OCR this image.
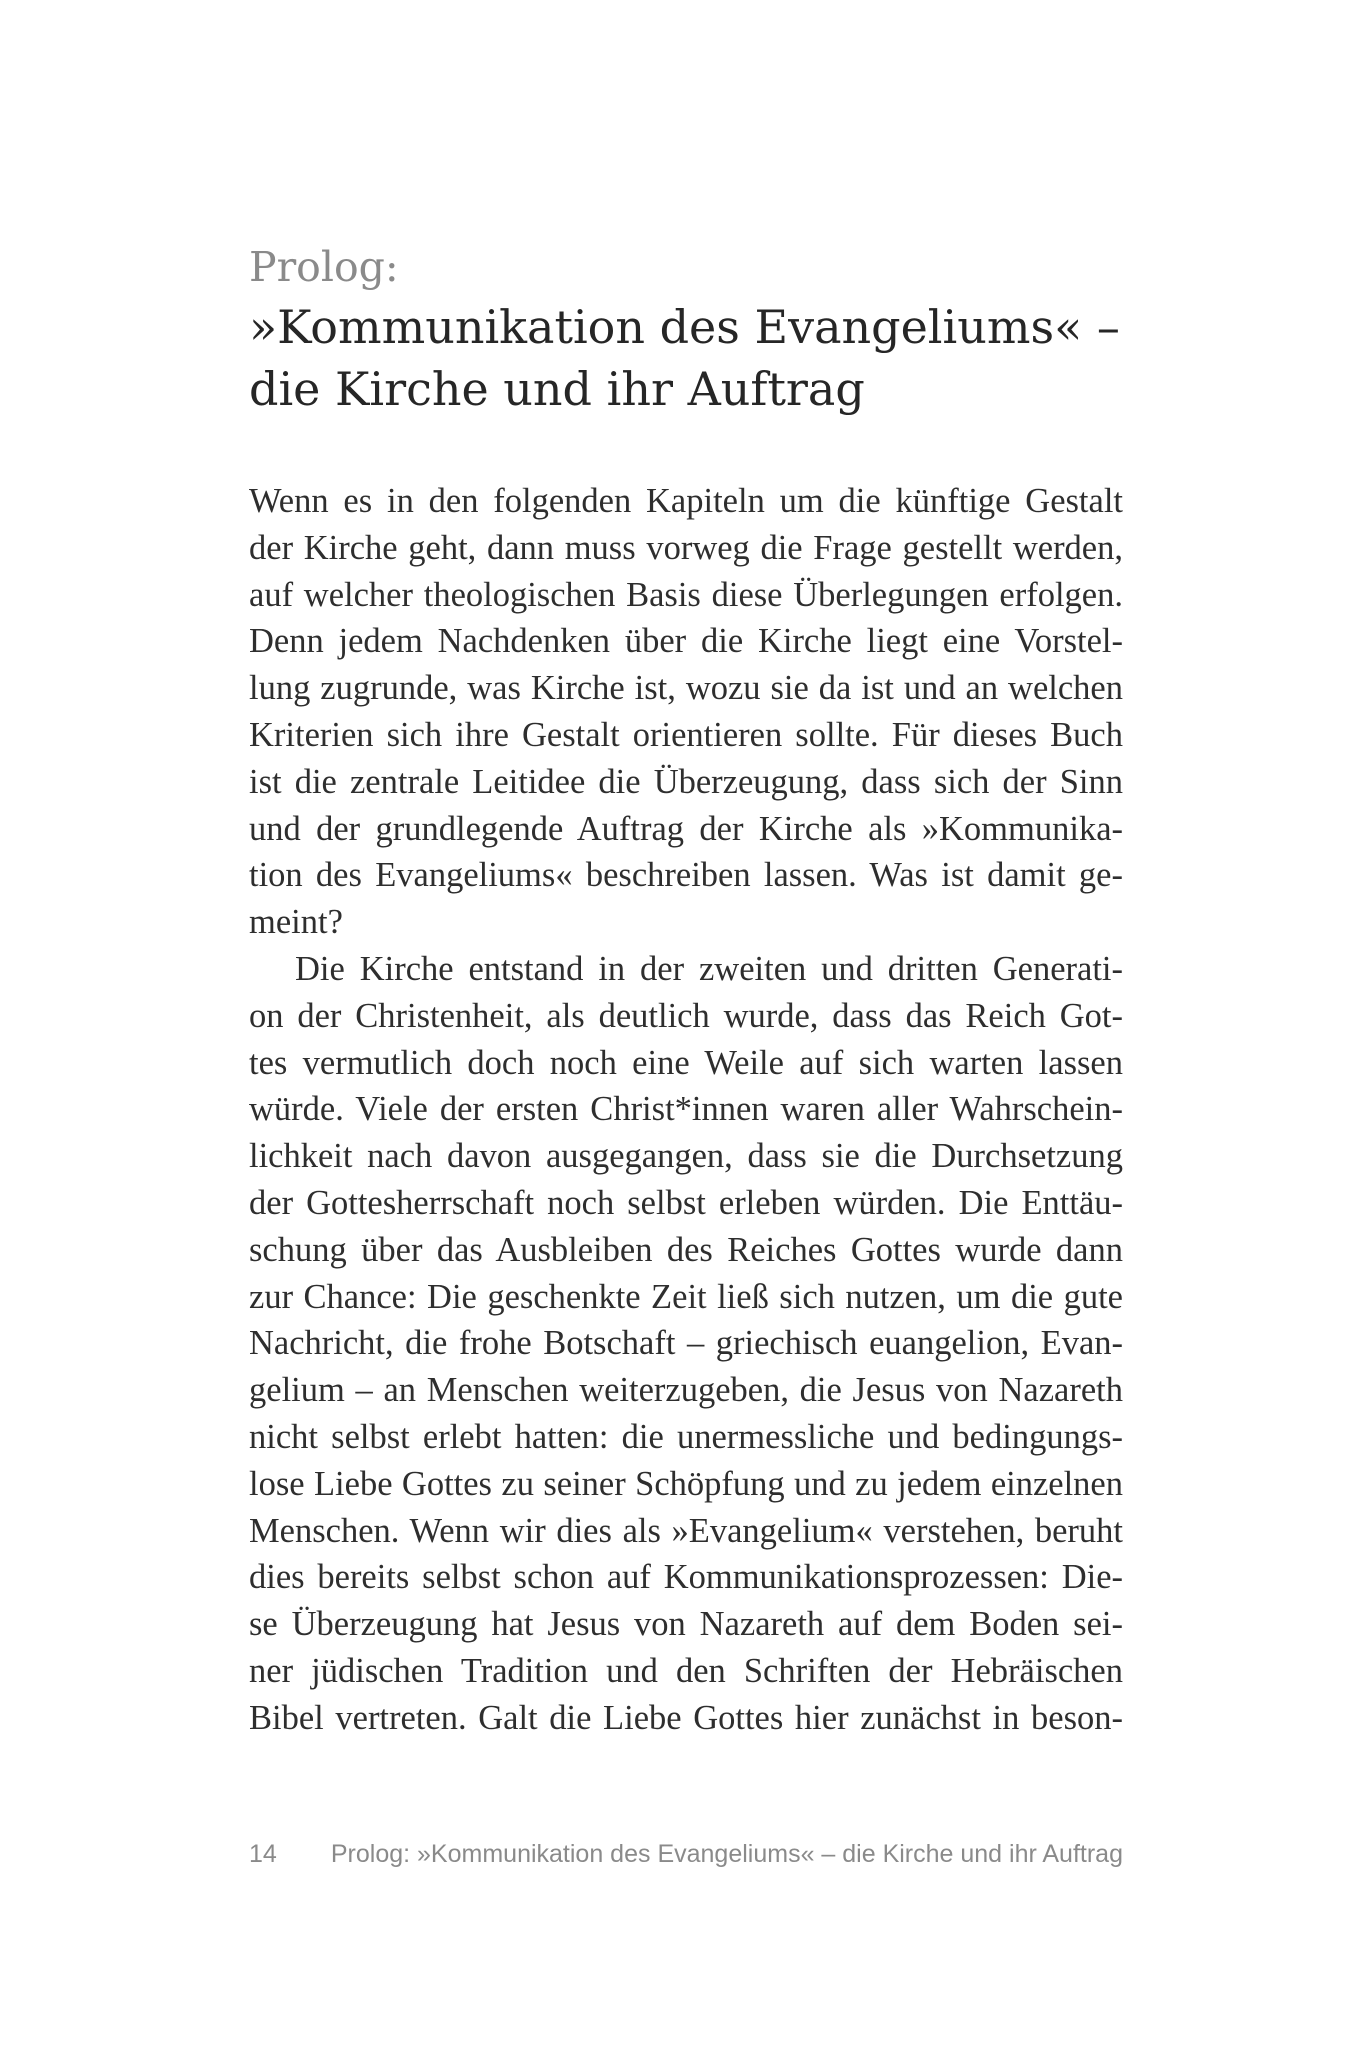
Prolog:
»Kommunikation des Evangeliums« –
die Kirche und ihr Auftrag
Wenn es in den folgenden Kapiteln um die künftige Gestalt
der Kirche geht, dann muss vorweg die Frage gestellt werden,
auf welcher theologischen Basis diese Überlegungen erfolgen.
Denn jedem Nachdenken über die Kirche liegt eine Vorstel-
lung zugrunde, was Kirche ist, wozu sie da ist und an welchen
Kriterien sich ihre Gestalt orientieren sollte. Für dieses Buch
ist die zentrale Leitidee die Überzeugung, dass sich der Sinn
und der grundlegende Auftrag der Kirche als »Kommunika-
tion des Evangeliums« beschreiben lassen. Was ist damit ge-
meint?
Die Kirche entstand in der zweiten und dritten Generati-
on der Christenheit, als deutlich wurde, dass das Reich Got-
tes vermutlich doch noch eine Weile auf sich warten lassen
würde. Viele der ersten Christ*innen waren aller Wahrschein-
lichkeit nach davon ausgegangen, dass sie die Durchsetzung
der Gottesherrschaft noch selbst erleben würden. Die Enttäu-
schung über das Ausbleiben des Reiches Gottes wurde dann
zur Chance: Die geschenkte Zeit ließ sich nutzen, um die gute
Nachricht, die frohe Botschaft – griechisch euangelion, Evan-
gelium – an Menschen weiterzugeben, die Jesus von Nazareth
nicht selbst erlebt hatten: die unermessliche und bedingungs-
lose Liebe Gottes zu seiner Schöpfung und zu jedem einzelnen
Menschen. Wenn wir dies als »Evangelium« verstehen, beruht
dies bereits selbst schon auf Kommunikationsprozessen: Die-
se Überzeugung hat Jesus von Nazareth auf dem Boden sei-
ner jüdischen Tradition und den Schriften der Hebräischen
Bibel vertreten. Galt die Liebe Gottes hier zunächst in beson-
14 Prolog: »Kommunikation des Evangeliums« – die Kirche und ihr Auftrag
